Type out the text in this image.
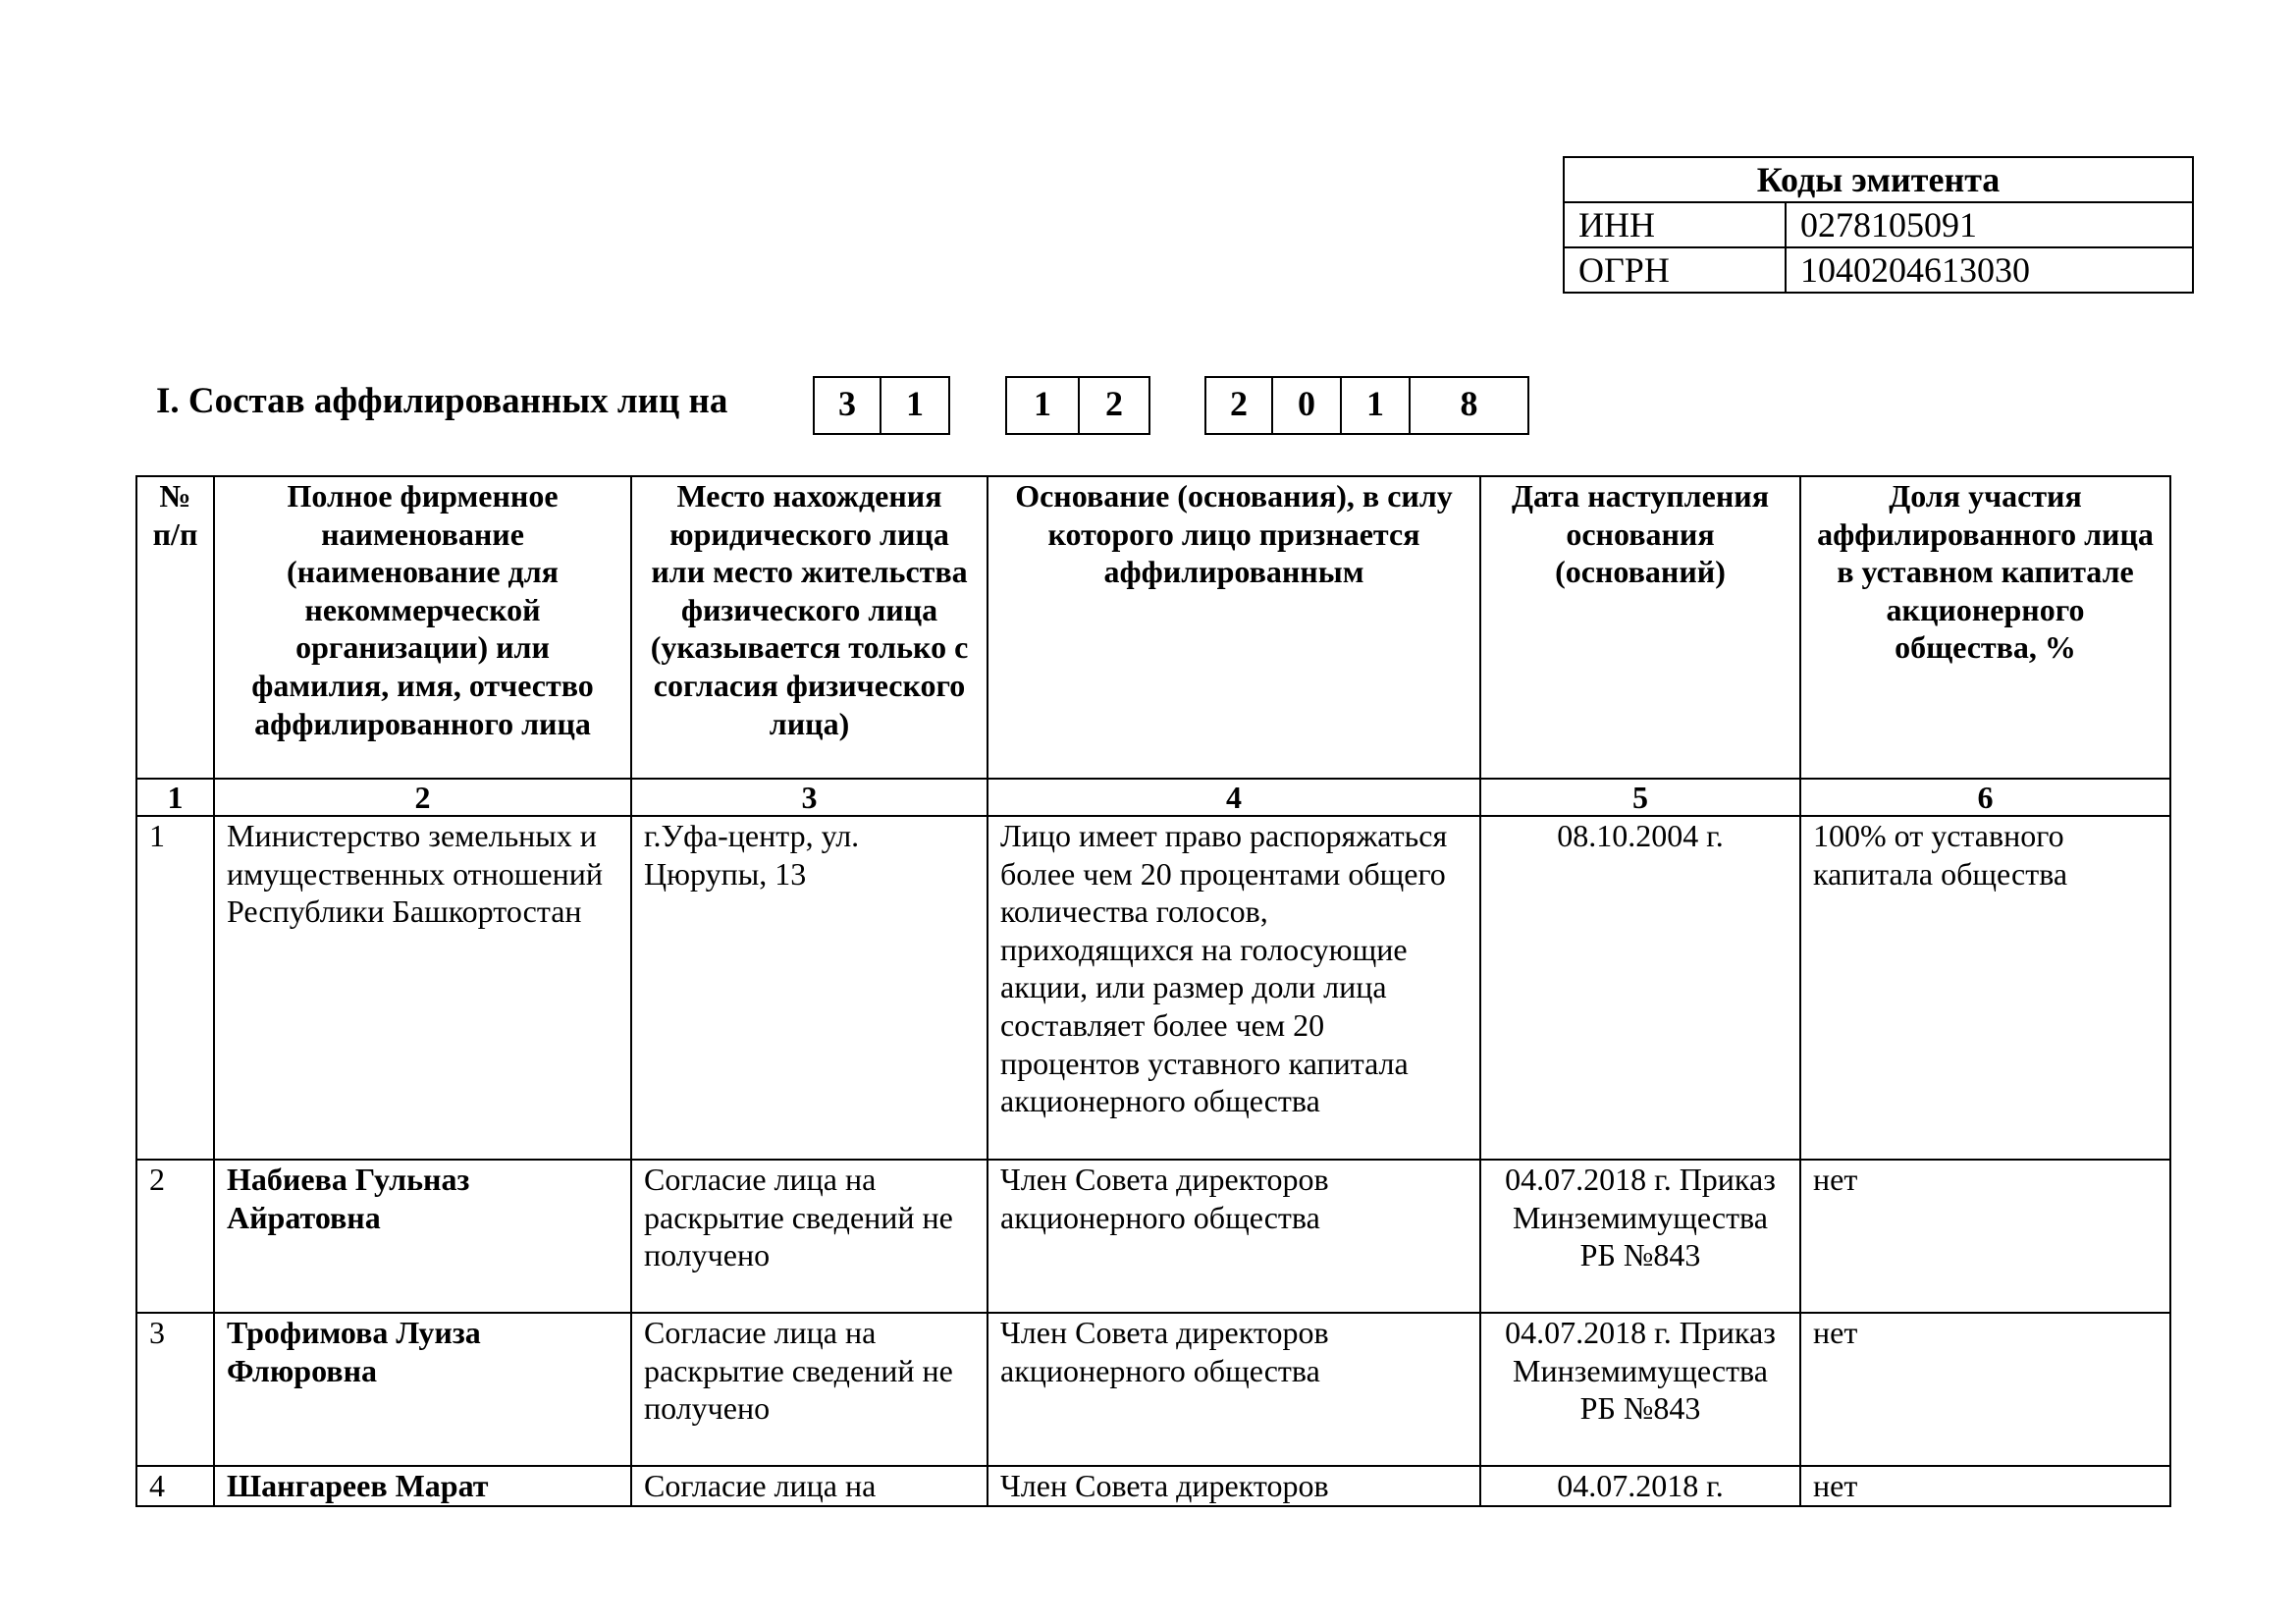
Коды эмитента	
ИНН	0278105091
ОГРН	1040204613030
I. Состав аффилированных лиц на	3	1	1	2	2	0	1	8
№ п/п	Полное фирменное наименование (наименование для некоммерческой организации) или фамилия, имя, отчество аффилированного лица	Место нахождения юридического лица или место жительства физического лица (указывается только с согласия физического лица)	Основание (основания), в силу которого лицо признается аффилированным	Дата наступления основания (оснований)	Доля участия аффилированного лица в уставном капитале акционерного общества, %
1	2	3	4	5	6
1	Министерство земельных и имущественных отношений Республики Башкортостан	г.Уфа-центр, ул. Цюрупы, 13	Лицо имеет право распоряжаться более чем 20 процентами общего количества голосов, приходящихся на голосующие акции, или размер доли лица составляет более чем 20 процентов уставного капитала акционерного общества	08.10.2004 г.	100% от уставного капитала общества
2	Набиева Гульназ Айратовна	Согласие лица на раскрытие сведений не получено	Член Совета директоров акционерного общества	04.07.2018 г. Приказ Минземимущества РБ №843	нет
3	Трофимова Луиза Флюровна	Согласие лица на раскрытие сведений не получено	Член Совета директоров акционерного общества	04.07.2018 г. Приказ Минземимущества РБ №843	нет
4	Шангареев Марат	Согласие лица на	Член Совета директоров	04.07.2018 г.	нет
